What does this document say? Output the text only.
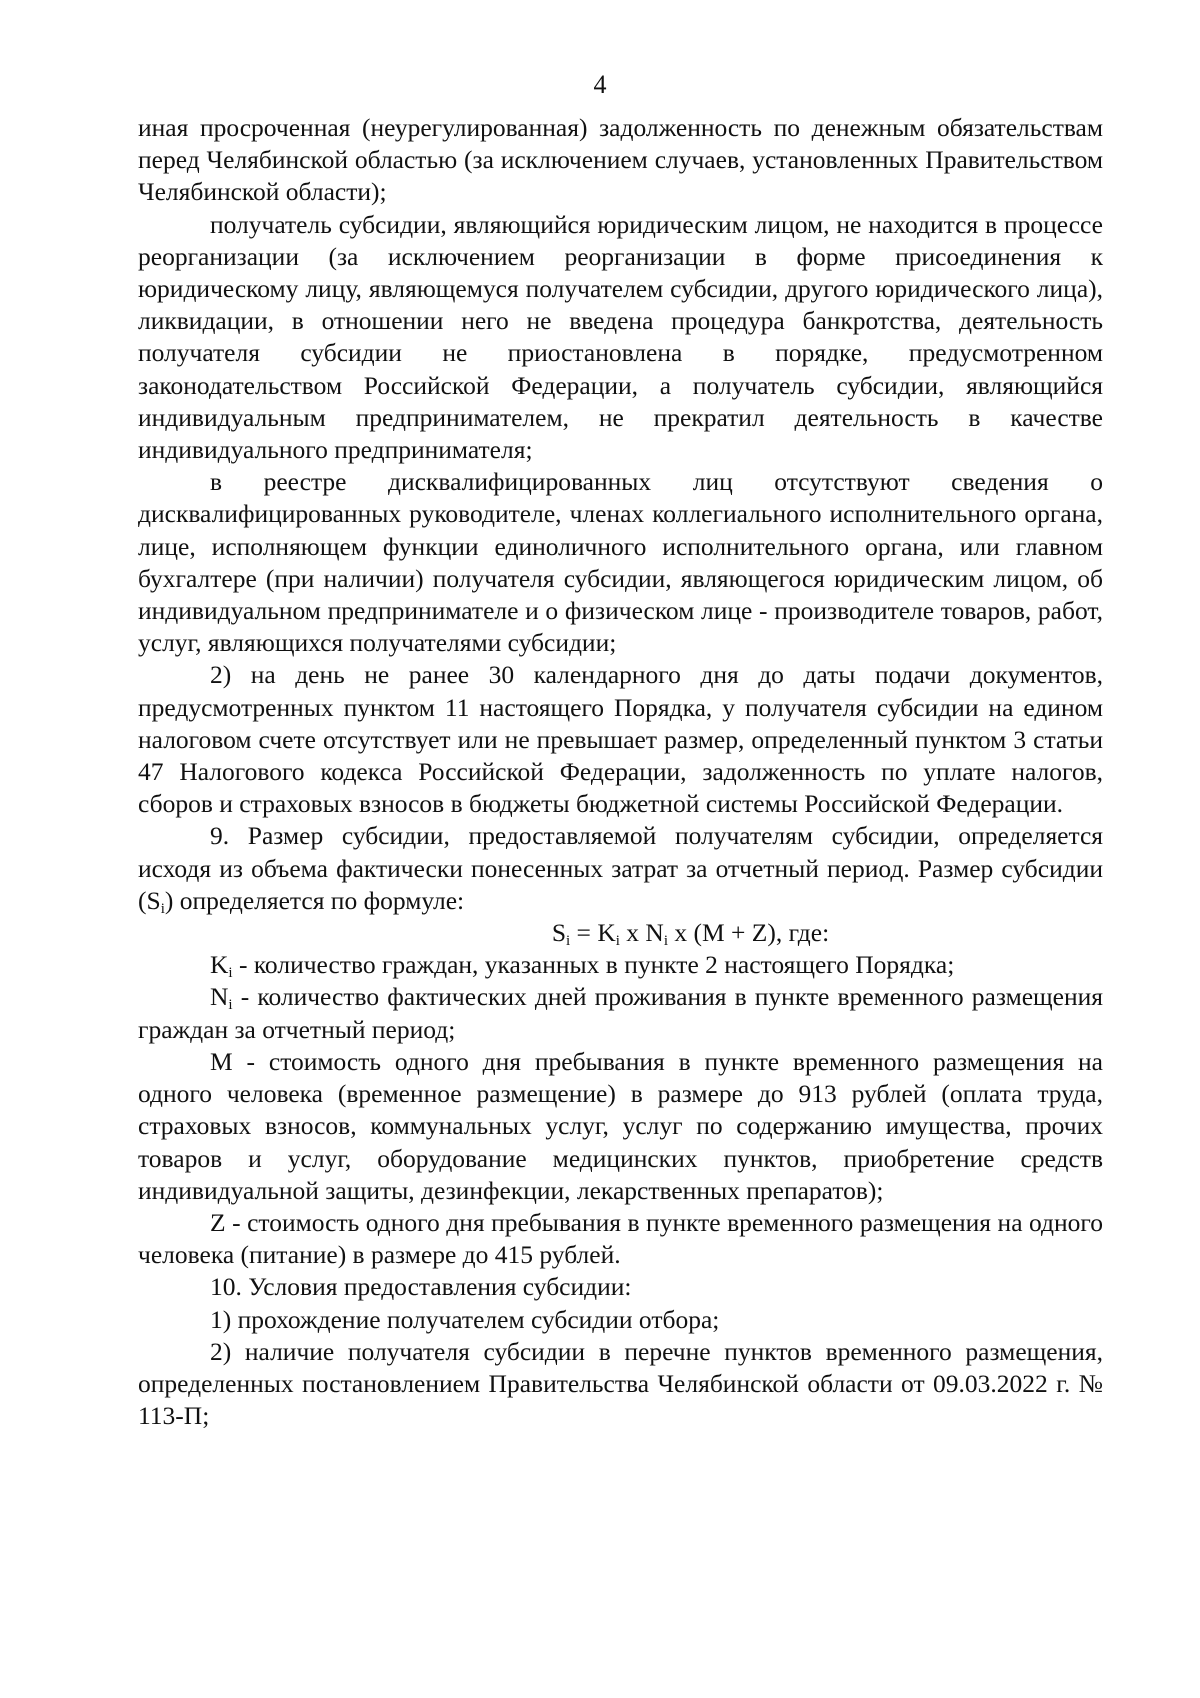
4

иная просроченная (неурегулированная) задолженность по денежным обязательствам перед Челябинской областью (за исключением случаев, установленных Правительством Челябинской области);

получатель субсидии, являющийся юридическим лицом, не находится в процессе реорганизации (за исключением реорганизации в форме присоединения к юридическому лицу, являющемуся получателем субсидии, другого юридического лица), ликвидации, в отношении него не введена процедура банкротства, деятельность получателя субсидии не приостановлена в порядке, предусмотренном законодательством Российской Федерации, а получатель субсидии, являющийся индивидуальным предпринимателем, не прекратил деятельность в качестве индивидуального предпринимателя;

в реестре дисквалифицированных лиц отсутствуют сведения о дисквалифицированных руководителе, членах коллегиального исполнительного органа, лице, исполняющем функции единоличного исполнительного органа, или главном бухгалтере (при наличии) получателя субсидии, являющегося юридическим лицом, об индивидуальном предпринимателе и о физическом лице - производителе товаров, работ, услуг, являющихся получателями субсидии;

2) на день не ранее 30 календарного дня до даты подачи документов, предусмотренных пунктом 11 настоящего Порядка, у получателя субсидии на едином налоговом счете отсутствует или не превышает размер, определенный пунктом 3 статьи 47 Налогового кодекса Российской Федерации, задолженность по уплате налогов, сборов и страховых взносов в бюджеты бюджетной системы Российской Федерации.

9. Размер субсидии, предоставляемой получателям субсидии, определяется исходя из объема фактически понесенных затрат за отчетный период. Размер субсидии $(S_i)$ определяется по формуле:

$S_i = K_i$ x $N_i$ x (M + Z), где:

$K_i$ - количество граждан, указанных в пункте 2 настоящего Порядка;

$N_i$ - количество фактических дней проживания в пункте временного размещения граждан за отчетный период;

M - стоимость одного дня пребывания в пункте временного размещения на одного человека (временное размещение) в размере до 913 рублей (оплата труда, страховых взносов, коммунальных услуг, услуг по содержанию имущества, прочих товаров и услуг, оборудование медицинских пунктов, приобретение средств индивидуальной защиты, дезинфекции, лекарственных препаратов);

Z - стоимость одного дня пребывания в пункте временного размещения на одного человека (питание) в размере до 415 рублей.

10. Условия предоставления субсидии:

1) прохождение получателем субсидии отбора;

2) наличие получателя субсидии в перечне пунктов временного размещения, определенных постановлением Правительства Челябинской области от 09.03.2022 г. № 113-П;
